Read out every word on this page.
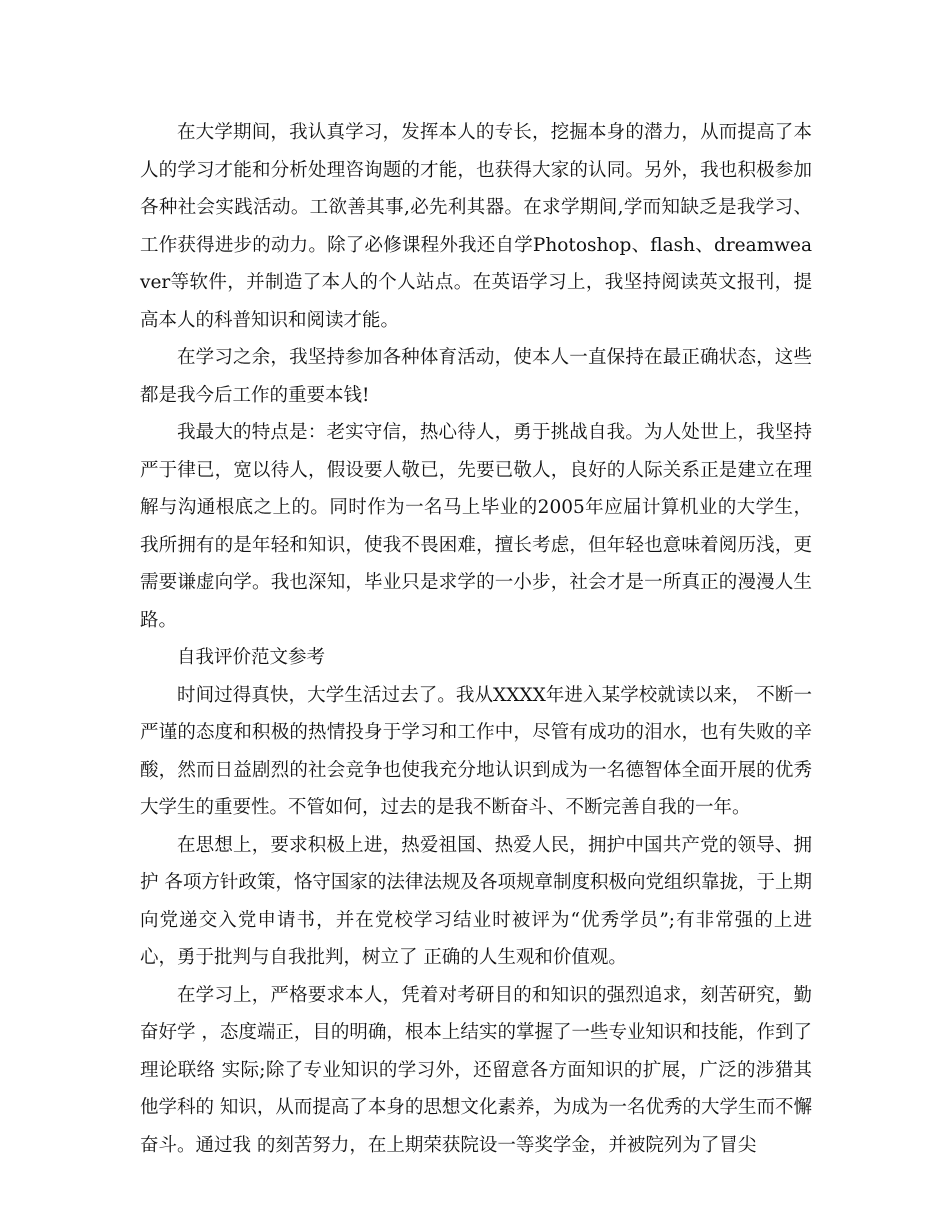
在大学期间，我认真学习，发挥本人的专长，挖掘本身的潜力，从而提高了本人的学习才能和分析处理咨询题的才能，也获得大家的认同。另外，我也积极参加各种社会实践活动。工欲善其事,必先利其器。在求学期间,学而知缺乏是我学习、工作获得进步的动力。除了必修课程外我还自学Photoshop、flash、dreamweaver等软件，并制造了本人的个人站点。在英语学习上，我坚持阅读英文报刊，提高本人的科普知识和阅读才能。

在学习之余，我坚持参加各种体育活动，使本人一直保持在最正确状态，这些都是我今后工作的重要本钱!

我最大的特点是：老实守信，热心待人，勇于挑战自我。为人处世上，我坚持严于律已，宽以待人，假设要人敬已，先要已敬人，良好的人际关系正是建立在理解与沟通根底之上的。同时作为一名马上毕业的2005年应届计算机业的大学生，我所拥有的是年轻和知识，使我不畏困难，擅长考虑，但年轻也意味着阅历浅，更需要谦虚向学。我也深知，毕业只是求学的一小步，社会才是一所真正的漫漫人生路。

自我评价范文参考

时间过得真快，大学生活过去了。我从XXXX年进入某学校就读以来， 不断一严谨的态度和积极的热情投身于学习和工作中，尽管有成功的泪水，也有失败的辛酸，然而日益剧烈的社会竞争也使我充分地认识到成为一名德智体全面开展的优秀 大学生的重要性。不管如何，过去的是我不断奋斗、不断完善自我的一年。

在思想上，要求积极上进，热爱祖国、热爱人民，拥护中国共产党的领导、拥护 各项方针政策，恪守国家的法律法规及各项规章制度积极向党组织靠拢，于上期向党递交入党申请书，并在党校学习结业时被评为“优秀学员”;有非常强的上进心，勇于批判与自我批判，树立了 正确的人生观和价值观。

在学习上，严格要求本人，凭着对考研目的和知识的强烈追求，刻苦研究，勤奋好学 ，态度端正，目的明确，根本上结实的掌握了一些专业知识和技能，作到了理论联络 实际;除了专业知识的学习外，还留意各方面知识的扩展，广泛的涉猎其他学科的 知识，从而提高了本身的思想文化素养，为成为一名优秀的大学生而不懈奋斗。通过我 的刻苦努力，在上期荣获院设一等奖学金，并被院列为了冒尖
